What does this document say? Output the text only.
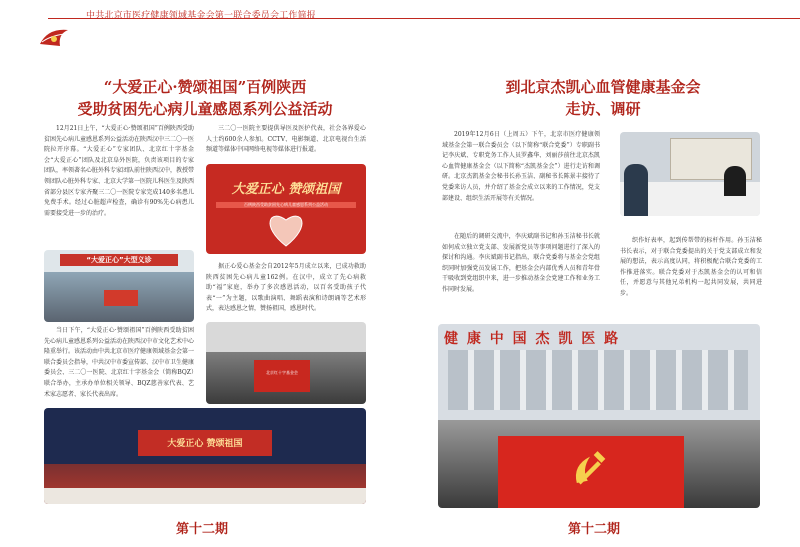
中共北京市医疗健康领域基金会第一联合委员会工作简报
“大爱正心·赞颂祖国”百例陕西
受助贫困先心病儿童感恩系列公益活动
12月21日上午，“大爱正心·赞颂祖国”百例陕西受助贫困先心病儿童感恩系列公益活动在陕西汉中三二〇一医院拉开序幕。“大爱正心”专家团队、北京红十字基金会“大爱正心”团队及北京阜外医院，负责该项目的专家团队，率领著名心脏外科专家团队前往陕西汉中，教授带领团队心脏外科专家、北京大学第一医院儿科医生及陕西省部分县区专家齐聚三二〇一医院专家完成140多名患儿免费手术。经过心脏超声检查，确诊有90%先心病患儿需要接受进一步的治疗。
“大爱正心”大型义诊
当日下午，“大爱正心·赞颂祖国”百例陕西受助贫困先心病儿童感恩系列公益活动在陕西汉中市文化艺术中心隆重举行。该活动由中共北京市医疗健康领域基金会第一联合委员会指导，中共汉中市委宣传部、汉中市卫生健康委员会、三二〇一医院、北京红十字基金会（简称BQZ）联合举办，主承办单位相关领导、BQZ慈善家代表、艺术家志愿者、家长代表出席。
三二〇一医院主要提供导医及医护代表，社会各界爱心人士约600余人参加。CCTV、电影频道、北京电视台生活频道等媒体中国网络电视等媒体进行报道。
大爱正心 赞颂祖国
百例陕西受助贫困先心病儿童感恩系列公益活动
据正心爱心基金会自2012年5月成立以来，已成功救助陕西贫困先心病儿童162例。在汉中，成立了先心病救助“福”家庭，举办了多次感恩活动，以百名受助孩子代表“一”为主题，以歌曲演唱、舞蹈表演和诗朗诵等艺术形式，表达感恩之情，赞扬祖国，感恩时代。
北京红十字基金会
大爱正心 赞颂祖国
第十二期
到北京杰凯心血管健康基金会
走访、调研
2019年12月6日（上周五）下午，北京市医疗健康领域基金会第一联合委员会（以下简称“联合党委”）专职副书记李庆斌、专职党务工作人员罗鑫华、刘丽莎前往北京杰凯心血管健康基金会（以下简称“杰凯基金会”）进行走访和调研。北京杰凯基金会秘书长孙玉洁、副秘书长陈景丰接待了党委来访人员，并介绍了基金会成立以来的工作情况，党支部建设、组织生活开展等有关情况。
在随后的调研交流中，李庆斌副书记和孙玉洁秘书长就如何成立独立党支部、发展新党员等事项问题进行了深入的探讨和沟通。李庆斌副书记指出，联合党委将与基金会党组织同时加强党员发展工作，把基金会内部优秀人员和青年骨干吸收到党组织中来，进一步推动基金会党建工作和业务工作同时发展。
织作好表率，起到传帮带的标杆作用。孙玉洁秘书长表示，对于联合党委提出的关于党支部成立和发展的想法，表示高度认同，将积极配合联合党委的工作推进落实。联合党委对于杰凯基金会的认可和信任，并愿意与其他兄弟机构一起共同发展，共同进步。
健 康 中 国 杰 凯 医 路
第十二期
